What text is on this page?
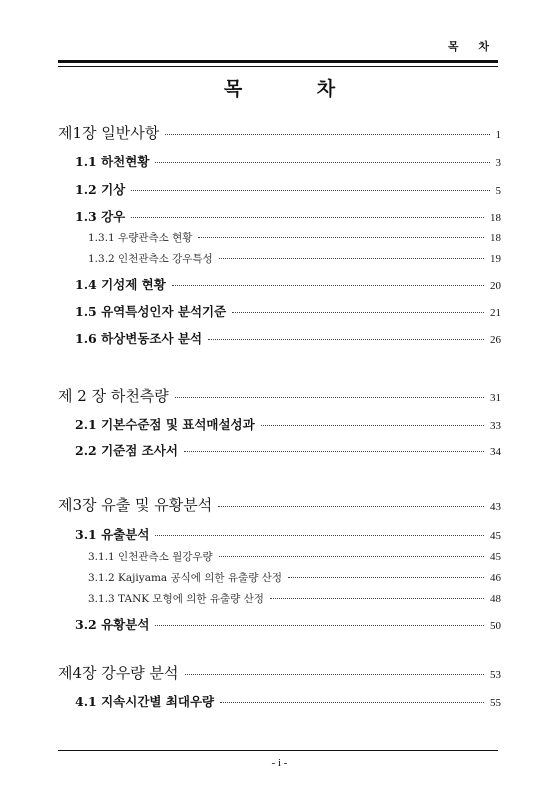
목 차
목 차
제1장 일반사항	1
1.1 하천현황	3
1.2 기상	5
1.3 강우	18
1.3.1 우량관측소 현황	18
1.3.2 인천관측소 강우특성	19
1.4 기성제 현황	20
1.5 유역특성인자 분석기준	21
1.6 하상변동조사 분석	26
제 2 장 하천측량	31
2.1 기본수준점 및 표석매설성과	33
2.2 기준점 조사서	34
제3장 유출 및 유황분석	43
3.1 유출분석	45
3.1.1 인천관측소 월강우량	45
3.1.2 Kajiyama 공식에 의한 유출량 산정	46
3.1.3 TANK 모형에 의한 유출량 산정	48
3.2 유황분석	50
제4장 강우량 분석	53
4.1 지속시간별 최대우량	55
- i -
